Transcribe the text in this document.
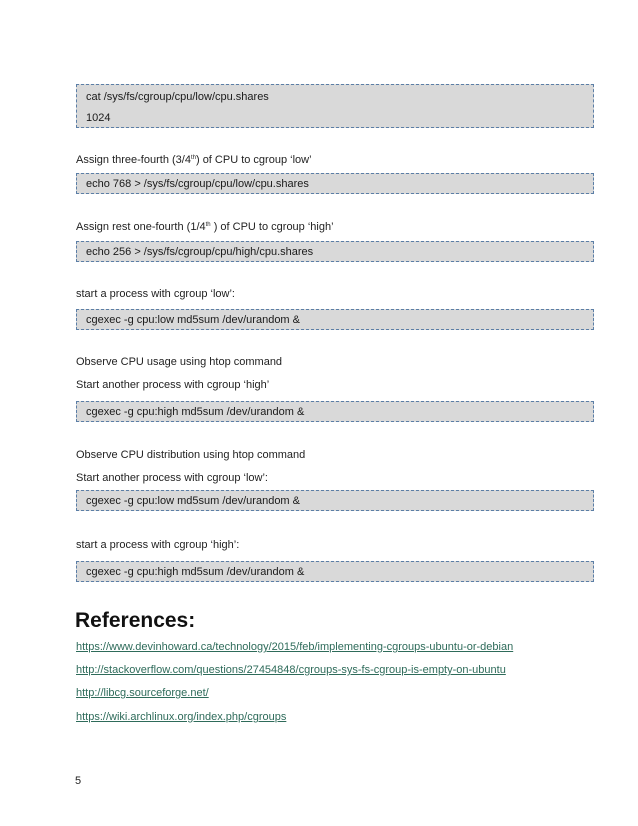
cat /sys/fs/cgroup/cpu/low/cpu.shares
1024
Assign three-fourth (3/4th) of CPU to cgroup ‘low’
echo 768 > /sys/fs/cgroup/cpu/low/cpu.shares
Assign rest one-fourth (1/4th ) of CPU to cgroup ‘high’
echo 256 > /sys/fs/cgroup/cpu/high/cpu.shares
start a process with cgroup ‘low’:
cgexec -g cpu:low md5sum /dev/urandom &
Observe CPU usage using htop command
Start another process with cgroup ‘high’
cgexec -g cpu:high md5sum /dev/urandom &
Observe CPU distribution using htop command
Start another process with cgroup ‘low’:
cgexec -g cpu:low md5sum /dev/urandom &
start a process with cgroup ‘high’:
cgexec -g cpu:high md5sum /dev/urandom &
References:
https://www.devinhoward.ca/technology/2015/feb/implementing-cgroups-ubuntu-or-debian
http://stackoverflow.com/questions/27454848/cgroups-sys-fs-cgroup-is-empty-on-ubuntu
http://libcg.sourceforge.net/
https://wiki.archlinux.org/index.php/cgroups
5
